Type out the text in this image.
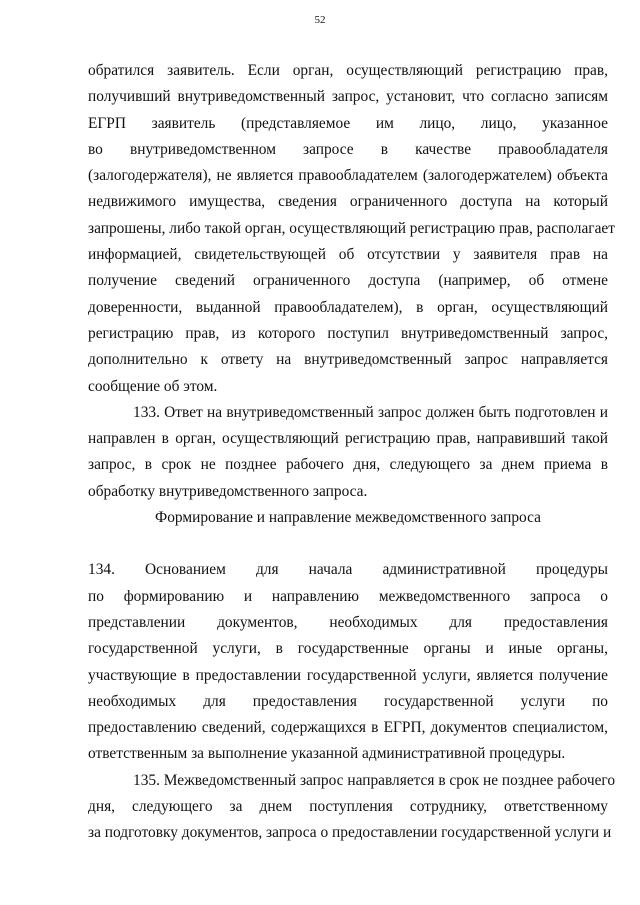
52
обратился заявитель. Если орган, осуществляющий регистрацию прав,
получивший внутриведомственный запрос, установит, что согласно записям
ЕГРП заявитель (представляемое им лицо, лицо, указанное
во внутриведомственном запросе в качестве правообладателя
(залогодержателя), не является правообладателем (залогодержателем) объекта
недвижимого имущества, сведения ограниченного доступа на который
запрошены, либо такой орган, осуществляющий регистрацию прав, располагает
информацией, свидетельствующей об отсутствии у заявителя прав на
получение сведений ограниченного доступа (например, об отмене
доверенности, выданной правообладателем), в орган, осуществляющий
регистрацию прав, из которого поступил внутриведомственный запрос,
дополнительно к ответу на внутриведомственный запрос направляется
сообщение об этом.
133. Ответ на внутриведомственный запрос должен быть подготовлен и
направлен в орган, осуществляющий регистрацию прав, направивший такой
запрос, в срок не позднее рабочего дня, следующего за днем приема в
обработку внутриведомственного запроса.
Формирование и направление межведомственного запроса
134. Основанием для начала административной процедуры
по формированию и направлению межведомственного запроса о
представлении документов, необходимых для предоставления
государственной услуги, в государственные органы и иные органы,
участвующие в предоставлении государственной услуги, является получение
необходимых для предоставления государственной услуги по
предоставлению сведений, содержащихся в ЕГРП, документов специалистом,
ответственным за выполнение указанной административной процедуры.
135. Межведомственный запрос направляется в срок не позднее рабочего
дня, следующего за днем поступления сотруднику, ответственному
за подготовку документов, запроса о предоставлении государственной услуги и
